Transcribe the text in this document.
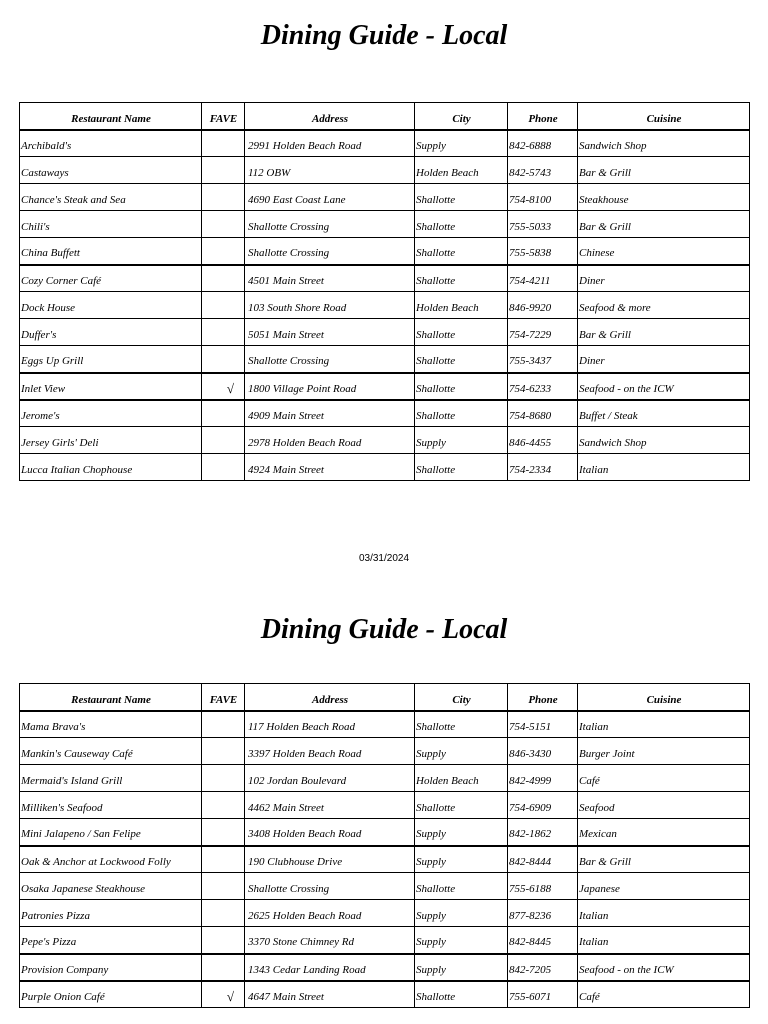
Dining Guide - Local
Restaurant Name	FAVE	Address	City	Phone	Cuisine
Archibald's		2991 Holden Beach Road	Supply	842-6888	Sandwich Shop
Castaways		112 OBW	Holden Beach	842-5743	Bar & Grill
Chance's Steak and Sea		4690 East Coast Lane	Shallotte	754-8100	Steakhouse
Chili's		Shallotte Crossing	Shallotte	755-5033	Bar & Grill
China Buffett		Shallotte Crossing	Shallotte	755-5838	Chinese
Cozy Corner Café		4501 Main Street	Shallotte	754-4211	Diner
Dock House		103 South Shore Road	Holden Beach	846-9920	Seafood & more
Duffer's		5051 Main Street	Shallotte	754-7229	Bar & Grill
Eggs Up Grill		Shallotte Crossing	Shallotte	755-3437	Diner
Inlet View	√	1800 Village Point Road	Shallotte	754-6233	Seafood - on the ICW
Jerome's		4909 Main Street	Shallotte	754-8680	Buffet / Steak
Jersey Girls' Deli		2978 Holden Beach Road	Supply	846-4455	Sandwich Shop
Lucca Italian Chophouse		4924 Main Street	Shallotte	754-2334	Italian
03/31/2024
Dining Guide - Local
Restaurant Name	FAVE	Address	City	Phone	Cuisine
Mama Brava's		117 Holden Beach Road	Shallotte	754-5151	Italian
Mankin's Causeway Café		3397 Holden Beach Road	Supply	846-3430	Burger Joint
Mermaid's Island Grill		102 Jordan Boulevard	Holden Beach	842-4999	Café
Milliken's Seafood		4462 Main Street	Shallotte	754-6909	Seafood
Mini Jalapeno / San Felipe		3408 Holden Beach Road	Supply	842-1862	Mexican
Oak & Anchor at Lockwood Folly		190 Clubhouse Drive	Supply	842-8444	Bar & Grill
Osaka Japanese Steakhouse		Shallotte Crossing	Shallotte	755-6188	Japanese
Patronies Pizza		2625 Holden Beach Road	Supply	877-8236	Italian
Pepe's Pizza		3370 Stone Chimney Rd	Supply	842-8445	Italian
Provision Company		1343 Cedar Landing Road	Supply	842-7205	Seafood - on the ICW
Purple Onion Café	√	4647 Main Street	Shallotte	755-6071	Café
